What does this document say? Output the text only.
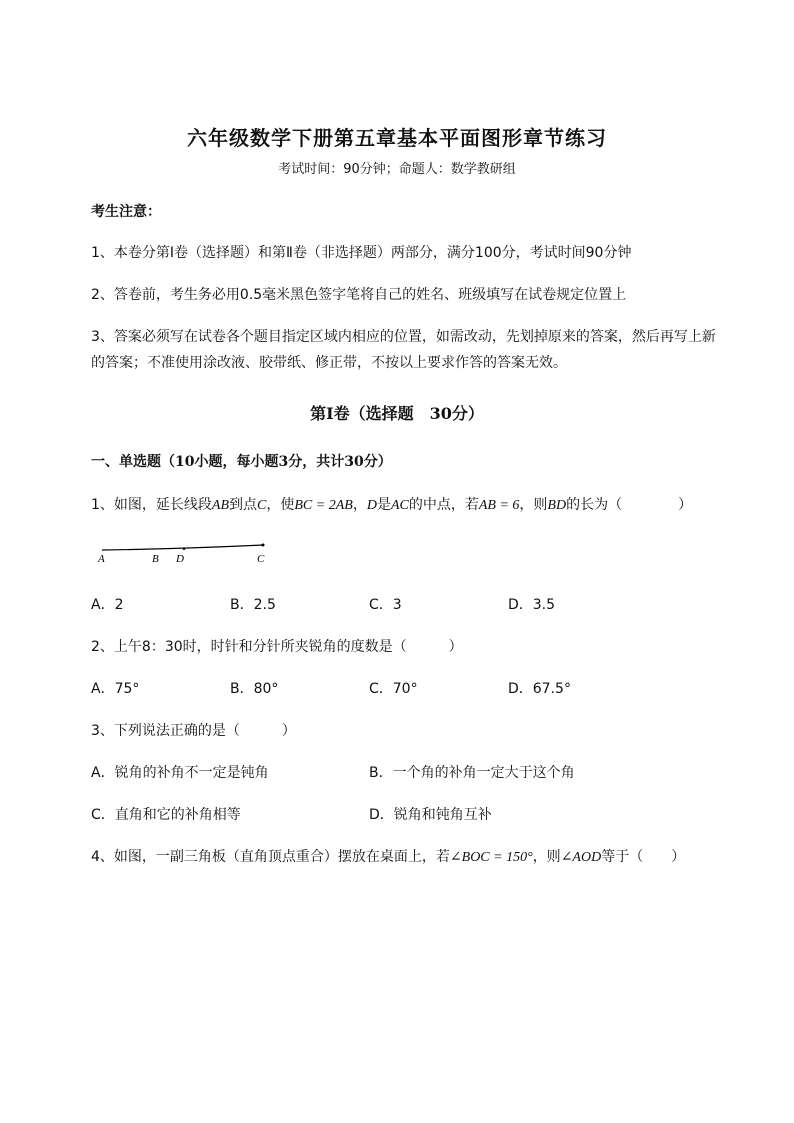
六年级数学下册第五章基本平面图形章节练习
考试时间：90分钟；命题人：数学教研组
考生注意：
1、本卷分第I卷（选择题）和第Ⅱ卷（非选择题）两部分，满分100分，考试时间90分钟
2、答卷前，考生务必用0.5毫米黑色签字笔将自己的姓名、班级填写在试卷规定位置上
3、答案必须写在试卷各个题目指定区域内相应的位置，如需改动，先划掉原来的答案，然后再写上新
的答案；不准使用涂改液、胶带纸、修正带，不按以上要求作答的答案无效。
第I卷（选择题　30分）
一、单选题（10小题，每小题3分，共计30分）
1、如图，延长线段AB到点C，使BC = 2AB，D是AC的中点，若AB = 6，则BD的长为（　　　　）
A	B D	C
A．2	B．2.5	C．3	D．3.5
2、上午8：30时，时针和分针所夹锐角的度数是（　　　）
A．75°	B．80°	C．70°	D．67.5°
3、下列说法正确的是（　　　）
A．锐角的补角不一定是钝角	B．一个角的补角一定大于这个角
C．直角和它的补角相等	D．锐角和钝角互补
4、如图，一副三角板（直角顶点重合）摆放在桌面上，若∠BOC = 150°，则∠AOD等于（　　）
